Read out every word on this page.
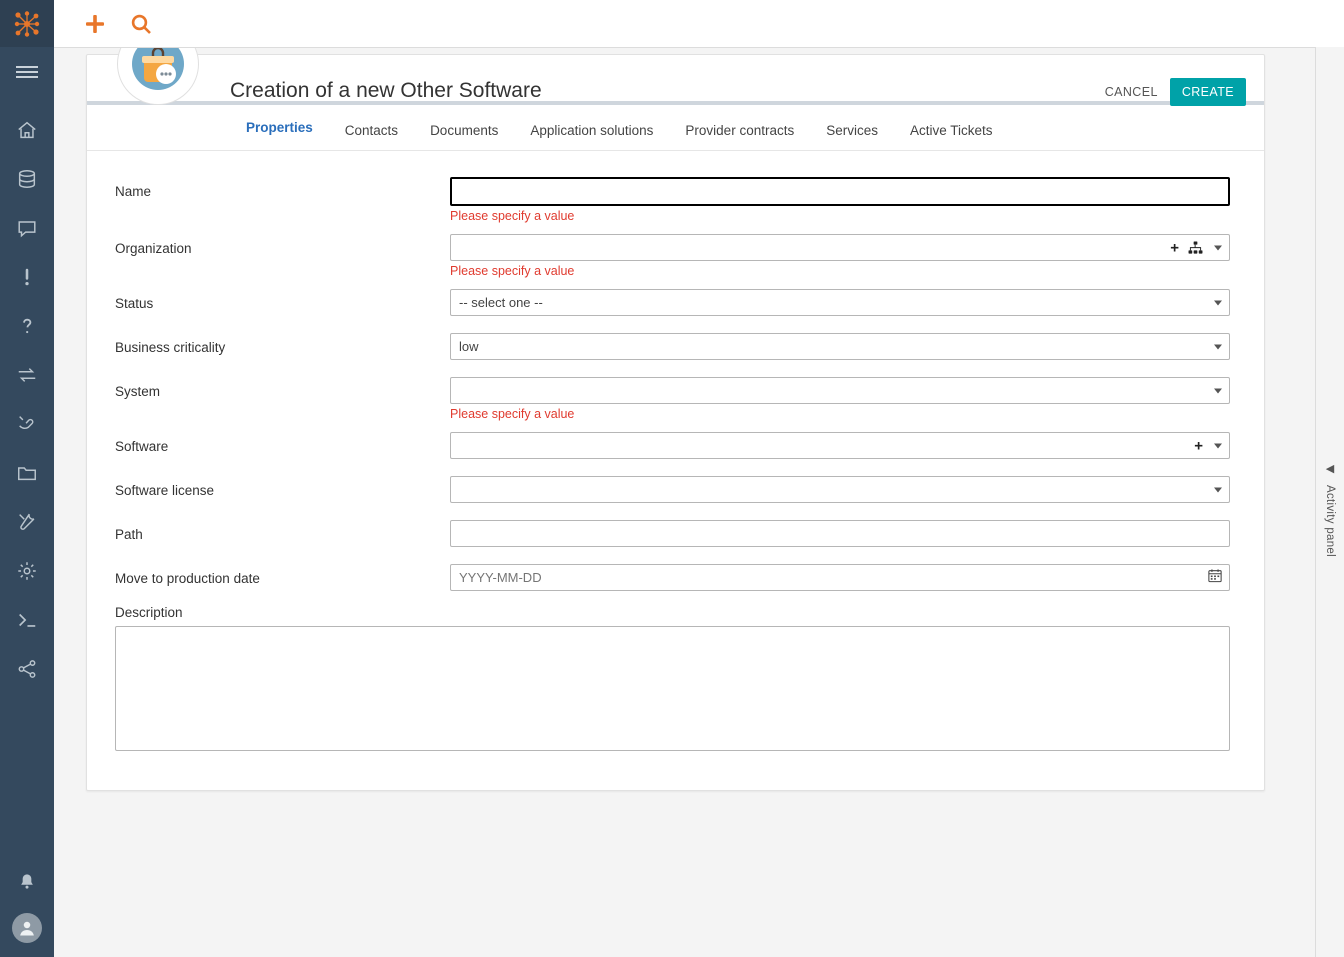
Creation of a new Other Software	CANCEL	CREATE
Properties	Contacts	Documents	Application solutions	Provider contracts	Services	Active Tickets
Name
Please specify a value
Organization	+
Please specify a value
Status	-- select one --
Business criticality	low
System
Please specify a value
Software	+
Software license
Path
Move to production date
YYYY-MM-DD
Description
◀
Activity panel
